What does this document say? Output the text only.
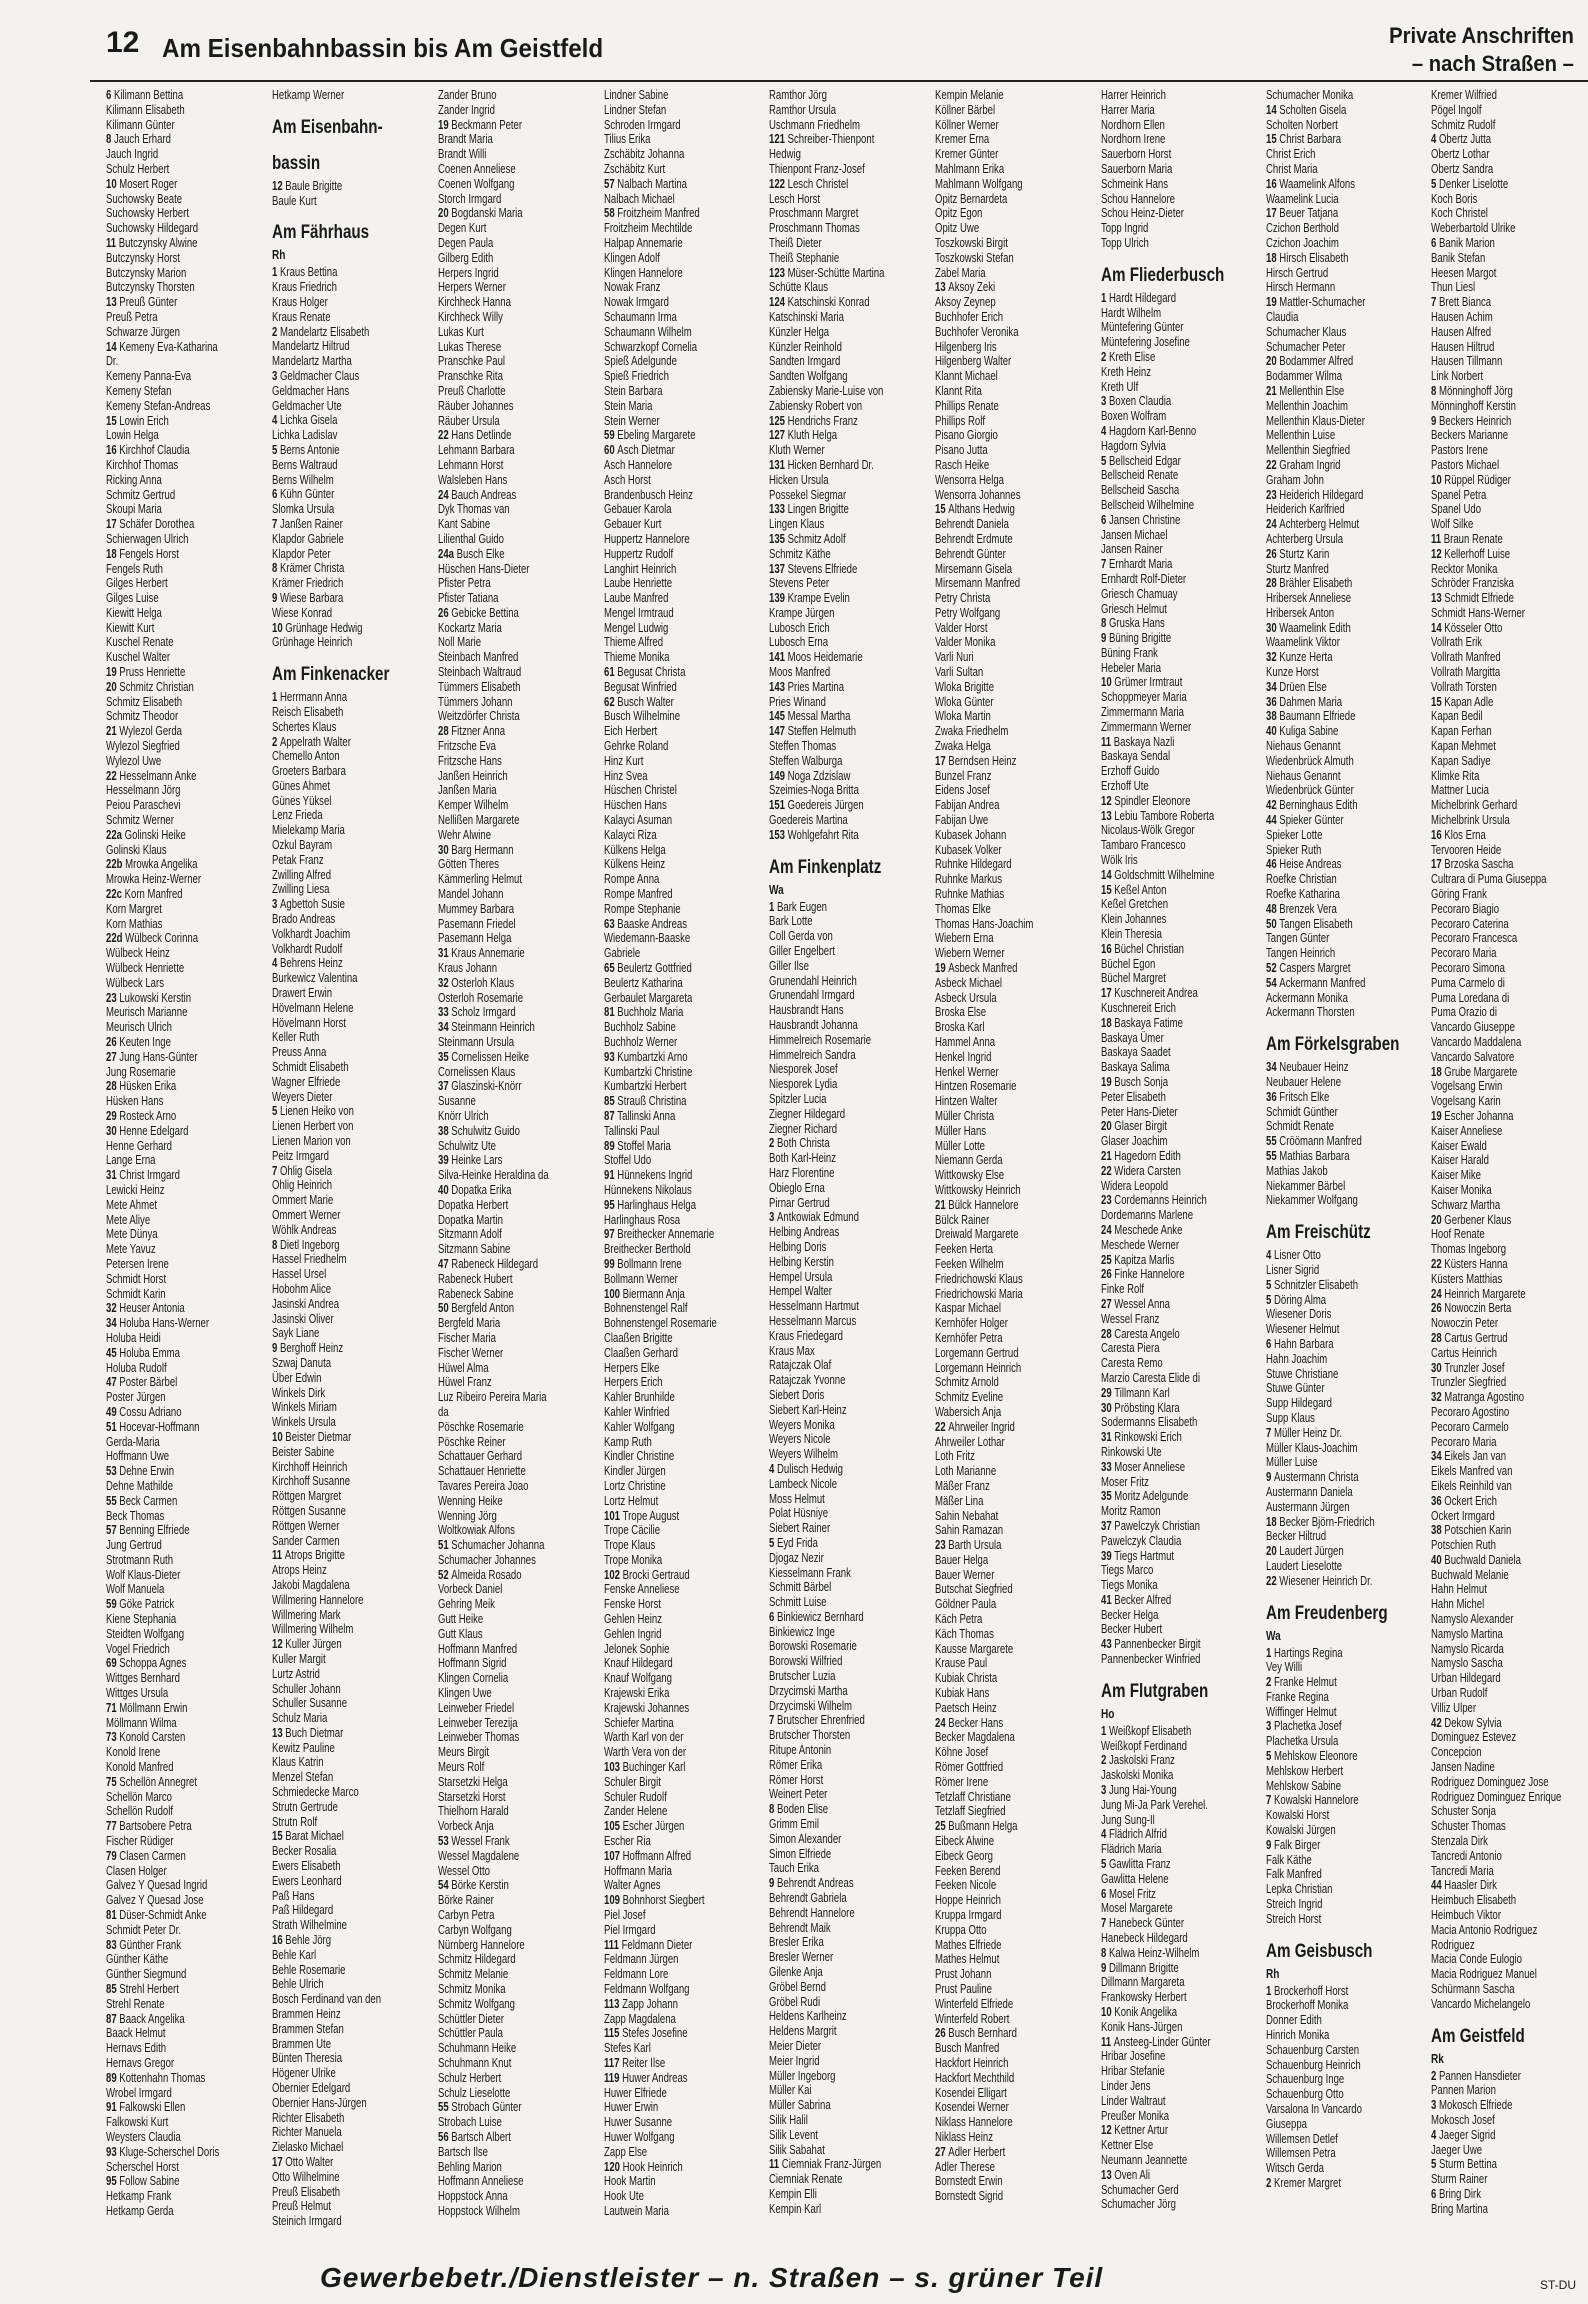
12 Am Eisenbahnbassin bis Am Geistfeld	Private Anschriften
– nach Straßen –
6 Kilimann Bettina
Kilimann Elisabeth
Kilimann Günter
8 Jauch Erhard
Jauch Ingrid
Schulz Herbert
10 Mosert Roger
Suchowsky Beate
Suchowsky Herbert
Suchowsky Hildegard
11 Butczynsky Alwine
Butczynsky Horst
Butczynsky Marion
Butczynsky Thorsten
13 Preuß Günter
Preuß Petra
Schwarze Jürgen
14 Kemeny Eva-Katharina
Dr.
Kemeny Panna-Eva
Kemeny Stefan
Kemeny Stefan-Andreas
15 Lowin Erich
Lowin Helga
16 Kirchhof Claudia
Kirchhof Thomas
Ricking Anna
Schmitz Gertrud
Skoupi Maria
17 Schäfer Dorothea
Schierwagen Ulrich
18 Fengels Horst
Fengels Ruth
Gilges Herbert
Gilges Luise
Kiewitt Helga
Kiewitt Kurt
Kuschel Renate
Kuschel Walter
19 Pruss Henriette
20 Schmitz Christian
Schmitz Elisabeth
Schmitz Theodor
21 Wylezol Gerda
Wylezol Siegfried
Wylezol Uwe
22 Hesselmann Anke
Hesselmann Jörg
Peiou Paraschevi
Schmitz Werner
22a Golinski Heike
Golinski Klaus
22b Mrowka Angelika
Mrowka Heinz-Werner
22c Korn Manfred
Korn Margret
Korn Mathias
22d Wülbeck Corinna
Wülbeck Heinz
Wülbeck Henriette
Wülbeck Lars
23 Lukowski Kerstin
Meurisch Marianne
Meurisch Ulrich
26 Keuten Inge
27 Jung Hans-Günter
Jung Rosemarie
28 Hüsken Erika
Hüsken Hans
29 Rosteck Arno
30 Henne Edelgard
Henne Gerhard
Lange Erna
31 Christ Irmgard
Lewicki Heinz
Mete Ahmet
Mete Aliye
Mete Dünya
Mete Yavuz
Petersen Irene
Schmidt Horst
Schmidt Karin
32 Heuser Antonia
34 Holuba Hans-Werner
Holuba Heidi
45 Holuba Emma
Holuba Rudolf
47 Poster Bärbel
Poster Jürgen
49 Cossu Adriano
51 Hocevar-Hoffmann
Gerda-Maria
Hoffmann Uwe
53 Dehne Erwin
Dehne Mathilde
55 Beck Carmen
Beck Thomas
57 Benning Elfriede
Jung Gertrud
Strotmann Ruth
Wolf Klaus-Dieter
Wolf Manuela
59 Göke Patrick
Kiene Stephania
Steidten Wolfgang
Vogel Friedrich
69 Schoppa Agnes
Wittges Bernhard
Wittges Ursula
71 Möllmann Erwin
Möllmann Wilma
73 Konold Carsten
Konold Irene
Konold Manfred
75 Schellön Annegret
Schellön Marco
Schellön Rudolf
77 Bartsobere Petra
Fischer Rüdiger
79 Clasen Carmen
Clasen Holger
Galvez Y Quesad Ingrid
Galvez Y Quesad Jose
81 Düser-Schmidt Anke
Schmidt Peter Dr.
83 Günther Frank
Günther Käthe
Günther Siegmund
85 Strehl Herbert
Strehl Renate
87 Baack Angelika
Baack Helmut
Hernavs Edith
Hernavs Gregor
89 Kottenhahn Thomas
Wrobel Irmgard
91 Falkowski Ellen
Falkowski Kurt
Weysters Claudia
93 Kluge-Scherschel Doris
Scherschel Horst
95 Follow Sabine
Hetkamp Frank
Hetkamp Gerda
Hetkamp Werner
Am Eisenbahn-
bassin
12 Baule Brigitte
Baule Kurt
Am Fährhaus
Rh
1 Kraus Bettina
Kraus Friedrich
Kraus Holger
Kraus Renate
2 Mandelartz Elisabeth
Mandelartz Hiltrud
Mandelartz Martha
3 Geldmacher Claus
Geldmacher Hans
Geldmacher Ute
4 Lichka Gisela
Lichka Ladislav
5 Berns Antonie
Berns Waltraud
Berns Wilhelm
6 Kühn Günter
Slomka Ursula
7 Janßen Rainer
Klapdor Gabriele
Klapdor Peter
8 Krämer Christa
Krämer Friedrich
9 Wiese Barbara
Wiese Konrad
10 Grünhage Hedwig
Grünhage Heinrich
Am Finkenacker
1 Herrmann Anna
Reisch Elisabeth
Schertes Klaus
2 Appelrath Walter
Chemello Anton
Groeters Barbara
Günes Ahmet
Günes Yüksel
Lenz Frieda
Mielekamp Maria
Ozkul Bayram
Petak Franz
Zwilling Alfred
Zwilling Liesa
3 Agbettoh Susie
Brado Andreas
Volkhardt Joachim
Volkhardt Rudolf
4 Behrens Heinz
Burkewicz Valentina
Drawert Erwin
Hövelmann Helene
Hövelmann Horst
Keller Ruth
Preuss Anna
Schmidt Elisabeth
Wagner Elfriede
Weyers Dieter
5 Lienen Heiko von
Lienen Herbert von
Lienen Marion von
Peitz Irmgard
7 Ohlig Gisela
Ohlig Heinrich
Ommert Marie
Ommert Werner
Wöhlk Andreas
8 Dietl Ingeborg
Hassel Friedhelm
Hassel Ursel
Hobohm Alice
Jasinski Andrea
Jasinski Oliver
Sayk Liane
9 Berghoff Heinz
Szwaj Danuta
Über Edwin
Winkels Dirk
Winkels Miriam
Winkels Ursula
10 Beister Dietmar
Beister Sabine
Kirchhoff Heinrich
Kirchhoff Susanne
Röttgen Margret
Röttgen Susanne
Röttgen Werner
Sander Carmen
11 Atrops Brigitte
Atrops Heinz
Jakobi Magdalena
Willmering Hannelore
Willmering Mark
Willmering Wilhelm
12 Kuller Jürgen
Kuller Margit
Lurtz Astrid
Schuller Johann
Schuller Susanne
Schulz Maria
13 Buch Dietmar
Kewitz Pauline
Klaus Katrin
Menzel Stefan
Schmiedecke Marco
Strutn Gertrude
Strutn Rolf
15 Barat Michael
Becker Rosalia
Ewers Elisabeth
Ewers Leonhard
Paß Hans
Paß Hildegard
Strath Wilhelmine
16 Behle Jörg
Behle Karl
Behle Rosemarie
Behle Ulrich
Bosch Ferdinand van den
Brammen Heinz
Brammen Stefan
Brammen Ute
Bünten Theresia
Högener Ulrike
Obernier Edelgard
Obernier Hans-Jürgen
Richter Elisabeth
Richter Manuela
Zielasko Michael
17 Otto Walter
Otto Wilhelmine
Preuß Elisabeth
Preuß Helmut
Steinich Irmgard
Zander Bruno
Zander Ingrid
19 Beckmann Peter
Brandt Maria
Brandt Willi
Coenen Anneliese
Coenen Wolfgang
Storch Irmgard
20 Bogdanski Maria
Degen Kurt
Degen Paula
Gilberg Edith
Herpers Ingrid
Herpers Werner
Kirchheck Hanna
Kirchheck Willy
Lukas Kurt
Lukas Therese
Pranschke Paul
Pranschke Rita
Preuß Charlotte
Räuber Johannes
Räuber Ursula
22 Hans Detlinde
Lehmann Barbara
Lehmann Horst
Walsleben Hans
24 Bauch Andreas
Dyk Thomas van
Kant Sabine
Lilienthal Guido
24a Busch Elke
Hüschen Hans-Dieter
Pfister Petra
Pfister Tatiana
26 Gebicke Bettina
Kockartz Maria
Noll Marie
Steinbach Manfred
Steinbach Waltraud
Tümmers Elisabeth
Tümmers Johann
Weitzdörfer Christa
28 Fitzner Anna
Fritzsche Eva
Fritzsche Hans
Janßen Heinrich
Janßen Maria
Kemper Wilhelm
Nellißen Margarete
Wehr Alwine
30 Barg Hermann
Götten Theres
Kämmerling Helmut
Mandel Johann
Mummey Barbara
Pasemann Friedel
Pasemann Helga
31 Kraus Annemarie
Kraus Johann
32 Osterloh Klaus
Osterloh Rosemarie
33 Scholz Irmgard
34 Steinmann Heinrich
Steinmann Ursula
35 Cornelissen Heike
Cornelissen Klaus
37 Glaszinski-Knörr
Susanne
Knörr Ulrich
38 Schulwitz Guido
Schulwitz Ute
39 Heinke Lars
Silva-Heinke Heraldina da
40 Dopatka Erika
Dopatka Herbert
Dopatka Martin
Sitzmann Adolf
Sitzmann Sabine
47 Rabeneck Hildegard
Rabeneck Hubert
Rabeneck Sabine
50 Bergfeld Anton
Bergfeld Maria
Fischer Maria
Fischer Werner
Hüwel Alma
Hüwel Franz
Luz Ribeiro Pereira Maria
da
Pöschke Rosemarie
Pöschke Reiner
Schattauer Gerhard
Schattauer Henriette
Tavares Pereira Joao
Wenning Heike
Wenning Jörg
Woltkowiak Alfons
51 Schumacher Johanna
Schumacher Johannes
52 Almeida Rosado
Vorbeck Daniel
Gehring Meik
Gutt Heike
Gutt Klaus
Hoffmann Manfred
Hoffmann Sigrid
Klingen Cornelia
Klingen Uwe
Leinweber Friedel
Leinweber Terezija
Leinweber Thomas
Meurs Birgit
Meurs Rolf
Starsetzki Helga
Starsetzki Horst
Thielhorn Harald
Vorbeck Anja
53 Wessel Frank
Wessel Magdalene
Wessel Otto
54 Börke Kerstin
Börke Rainer
Carbyn Petra
Carbyn Wolfgang
Nürnberg Hannelore
Schmitz Hildegard
Schmitz Melanie
Schmitz Monika
Schmitz Wolfgang
Schüttler Dieter
Schüttler Paula
Schuhmann Heike
Schuhmann Knut
Schulz Herbert
Schulz Lieselotte
55 Strobach Günter
Strobach Luise
56 Bartsch Albert
Bartsch Ilse
Behling Marion
Hoffmann Anneliese
Hoppstock Anna
Hoppstock Wilhelm
Lindner Sabine
Lindner Stefan
Schroden Irmgard
Tilius Erika
Zschäbitz Johanna
Zschäbitz Kurt
57 Nalbach Martina
Nalbach Michael
58 Froitzheim Manfred
Froitzheim Mechtilde
Halpap Annemarie
Klingen Adolf
Klingen Hannelore
Nowak Franz
Nowak Irmgard
Schaumann Irma
Schaumann Wilhelm
Schwarzkopf Cornelia
Spieß Adelgunde
Spieß Friedrich
Stein Barbara
Stein Maria
Stein Werner
59 Ebeling Margarete
60 Asch Dietmar
Asch Hannelore
Asch Horst
Brandenbusch Heinz
Gebauer Karola
Gebauer Kurt
Huppertz Hannelore
Huppertz Rudolf
Langhirt Heinrich
Laube Henriette
Laube Manfred
Mengel Irmtraud
Mengel Ludwig
Thieme Alfred
Thieme Monika
61 Begusat Christa
Begusat Winfried
62 Busch Walter
Busch Wilhelmine
Eich Herbert
Gehrke Roland
Hinz Kurt
Hinz Svea
Hüschen Christel
Hüschen Hans
Kalayci Asuman
Kalayci Riza
Külkens Helga
Külkens Heinz
Rompe Anna
Rompe Manfred
Rompe Stephanie
63 Baaske Andreas
Wiedemann-Baaske
Gabriele
65 Beulertz Gottfried
Beulertz Katharina
Gerbaulet Margareta
81 Buchholz Maria
Buchholz Sabine
Buchholz Werner
93 Kumbartzki Arno
Kumbartzki Christine
Kumbartzki Herbert
85 Strauß Christina
87 Tallinski Anna
Tallinski Paul
89 Stoffel Maria
Stoffel Udo
91 Hünnekens Ingrid
Hünnekens Nikolaus
95 Harlinghaus Helga
Harlinghaus Rosa
97 Breithecker Annemarie
Breithecker Berthold
99 Bollmann Irene
Bollmann Werner
100 Biermann Anja
Bohnenstengel Ralf
Bohnenstengel Rosemarie
Claaßen Brigitte
Claaßen Gerhard
Herpers Elke
Herpers Erich
Kahler Brunhilde
Kahler Winfried
Kahler Wolfgang
Kamp Ruth
Kindler Christine
Kindler Jürgen
Lortz Christine
Lortz Helmut
101 Trope August
Trope Cäcilie
Trope Klaus
Trope Monika
102 Brocki Gertraud
Fenske Anneliese
Fenske Horst
Gehlen Heinz
Gehlen Ingrid
Jelonek Sophie
Knauf Hildegard
Knauf Wolfgang
Krajewski Erika
Krajewski Johannes
Schiefer Martina
Warth Karl von der
Warth Vera von der
103 Buchinger Karl
Schuler Birgit
Schuler Rudolf
Zander Helene
105 Escher Jürgen
Escher Ria
107 Hoffmann Alfred
Hoffmann Maria
Walter Agnes
109 Bohnhorst Siegbert
Piel Josef
Piel Irmgard
111 Feldmann Dieter
Feldmann Jürgen
Feldmann Lore
Feldmann Wolfgang
113 Zapp Johann
Zapp Magdalena
115 Stefes Josefine
Stefes Karl
117 Reiter Ilse
119 Huwer Andreas
Huwer Elfriede
Huwer Erwin
Huwer Susanne
Huwer Wolfgang
Zapp Else
120 Hook Heinrich
Hook Martin
Hook Ute
Lautwein Maria
Ramthor Jörg
Ramthor Ursula
Uschmann Friedhelm
121 Schreiber-Thienpont
Hedwig
Thienpont Franz-Josef
122 Lesch Christel
Lesch Horst
Proschmann Margret
Proschmann Thomas
Theiß Dieter
Theiß Stephanie
123 Müser-Schütte Martina
Schütte Klaus
124 Katschinski Konrad
Katschinski Maria
Künzler Helga
Künzler Reinhold
Sandten Irmgard
Sandten Wolfgang
Zabiensky Marie-Luise von
Zabiensky Robert von
125 Hendrichs Franz
127 Kluth Helga
Kluth Werner
131 Hicken Bernhard Dr.
Hicken Ursula
Possekel Siegmar
133 Lingen Brigitte
Lingen Klaus
135 Schmitz Adolf
Schmitz Käthe
137 Stevens Elfriede
Stevens Peter
139 Krampe Evelin
Krampe Jürgen
Lubosch Erich
Lubosch Erna
141 Moos Heidemarie
Moos Manfred
143 Pries Martina
Pries Winand
145 Messal Martha
147 Steffen Helmuth
Steffen Thomas
Steffen Walburga
149 Noga Zdzislaw
Szeimies-Noga Britta
151 Goedereis Jürgen
Goedereis Martina
153 Wohlgefahrt Rita
Am Finkenplatz
Wa
1 Bark Eugen
Bark Lotte
Coll Gerda von
Giller Engelbert
Giller Ilse
Grunendahl Heinrich
Grunendahl Irmgard
Hausbrandt Hans
Hausbrandt Johanna
Himmelreich Rosemarie
Himmelreich Sandra
Niesporek Josef
Niesporek Lydia
Spitzler Lucia
Ziegner Hildegard
Ziegner Richard
2 Both Christa
Both Karl-Heinz
Harz Florentine
Obieglo Erna
Pirnar Gertrud
3 Antkowiak Edmund
Helbing Andreas
Helbing Doris
Helbing Kerstin
Hempel Ursula
Hempel Walter
Hesselmann Hartmut
Hesselmann Marcus
Kraus Friedegard
Kraus Max
Ratajczak Olaf
Ratajczak Yvonne
Siebert Doris
Siebert Karl-Heinz
Weyers Monika
Weyers Nicole
Weyers Wilhelm
4 Dulisch Hedwig
Lambeck Nicole
Moss Helmut
Polat Hüsniye
Siebert Rainer
5 Eyd Frida
Djogaz Nezir
Kiesselmann Frank
Schmitt Bärbel
Schmitt Luise
6 Binkiewicz Bernhard
Binkiewicz Inge
Borowski Rosemarie
Borowski Wilfried
Brutscher Luzia
Drzycimski Martha
Drzycimski Wilhelm
7 Brutscher Ehrenfried
Brutscher Thorsten
Ritupe Antonin
Römer Erika
Römer Horst
Weinert Peter
8 Boden Elise
Grimm Emil
Simon Alexander
Simon Elfriede
Tauch Erika
9 Behrendt Andreas
Behrendt Gabriela
Behrendt Hannelore
Behrendt Maik
Bresler Erika
Bresler Werner
Gilenke Anja
Gröbel Bernd
Gröbel Rudi
Heldens Karlheinz
Heldens Margrit
Meier Dieter
Meier Ingrid
Müller Ingeborg
Müller Kai
Müller Sabrina
Silik Halil
Silik Levent
Silik Sabahat
11 Ciemniak Franz-Jürgen
Ciemniak Renate
Kempin Elli
Kempin Karl
Kempin Melanie
Köllner Bärbel
Köllner Werner
Kremer Erna
Kremer Günter
Mahlmann Erika
Mahlmann Wolfgang
Opitz Bernardeta
Opitz Egon
Opitz Uwe
Toszkowski Birgit
Toszkowski Stefan
Zabel Maria
13 Aksoy Zeki
Aksoy Zeynep
Buchhofer Erich
Buchhofer Veronika
Hilgenberg Iris
Hilgenberg Walter
Klannt Michael
Klannt Rita
Phillips Renate
Phillips Rolf
Pisano Giorgio
Pisano Jutta
Rasch Heike
Wensorra Helga
Wensorra Johannes
15 Althans Hedwig
Behrendt Daniela
Behrendt Erdmute
Behrendt Günter
Mirsemann Gisela
Mirsemann Manfred
Petry Christa
Petry Wolfgang
Valder Horst
Valder Monika
Varli Nuri
Varli Sultan
Wloka Brigitte
Wloka Günter
Wloka Martin
Zwaka Friedhelm
Zwaka Helga
17 Berndsen Heinz
Bunzel Franz
Eidens Josef
Fabijan Andrea
Fabijan Uwe
Kubasek Johann
Kubasek Volker
Ruhnke Hildegard
Ruhnke Markus
Ruhnke Mathias
Thomas Elke
Thomas Hans-Joachim
Wiebern Erna
Wiebern Werner
19 Asbeck Manfred
Asbeck Michael
Asbeck Ursula
Broska Else
Broska Karl
Hammel Anna
Henkel Ingrid
Henkel Werner
Hintzen Rosemarie
Hintzen Walter
Müller Christa
Müller Hans
Müller Lotte
Niemann Gerda
Wittkowsky Else
Wittkowsky Heinrich
21 Bülck Hannelore
Bülck Rainer
Dreiwald Margarete
Feeken Herta
Feeken Wilhelm
Friedrichowski Klaus
Friedrichowski Maria
Kaspar Michael
Kernhöfer Holger
Kernhöfer Petra
Lorgemann Gertrud
Lorgemann Heinrich
Schmitz Arnold
Schmitz Eveline
Wabersich Anja
22 Ahrweiler Ingrid
Ahrweiler Lothar
Loth Fritz
Loth Marianne
Mäßer Franz
Mäßer Lina
Sahin Nebahat
Sahin Ramazan
23 Barth Ursula
Bauer Helga
Bauer Werner
Butschat Siegfried
Göldner Paula
Käch Petra
Käch Thomas
Kausse Margarete
Krause Paul
Kubiak Christa
Kubiak Hans
Paetsch Heinz
24 Becker Hans
Becker Magdalena
Köhne Josef
Römer Gottfried
Römer Irene
Tetzlaff Christiane
Tetzlaff Siegfried
25 Bußmann Helga
Eibeck Alwine
Eibeck Georg
Feeken Berend
Feeken Nicole
Hoppe Heinrich
Kruppa Irmgard
Kruppa Otto
Mathes Elfriede
Mathes Helmut
Prust Johann
Prust Pauline
Winterfeld Elfriede
Winterfeld Robert
26 Busch Bernhard
Busch Manfred
Hackfort Heinrich
Hackfort Mechthild
Kosendei Elligart
Kosendei Werner
Niklass Hannelore
Niklass Heinz
27 Adler Herbert
Adler Therese
Bornstedt Erwin
Bornstedt Sigrid
Harrer Heinrich
Harrer Maria
Nordhorn Ellen
Nordhorn Irene
Sauerborn Horst
Sauerborn Maria
Schmeink Hans
Schou Hannelore
Schou Heinz-Dieter
Topp Ingrid
Topp Ulrich
Am Fliederbusch
1 Hardt Hildegard
Hardt Wilhelm
Müntefering Günter
Müntefering Josefine
2 Kreth Elise
Kreth Heinz
Kreth Ulf
3 Boxen Claudia
Boxen Wolfram
4 Hagdorn Karl-Benno
Hagdorn Sylvia
5 Bellscheid Edgar
Bellscheid Renate
Bellscheid Sascha
Bellscheid Wilhelmine
6 Jansen Christine
Jansen Michael
Jansen Rainer
7 Ernhardt Maria
Ernhardt Rolf-Dieter
Griesch Chamuay
Griesch Helmut
8 Gruska Hans
9 Büning Brigitte
Büning Frank
Hebeler Maria
10 Grümer Irmtraut
Schoppmeyer Maria
Zimmermann Maria
Zimmermann Werner
11 Baskaya Nazli
Baskaya Sendal
Erzhoff Guido
Erzhoff Ute
12 Spindler Eleonore
13 Lebiu Tambore Roberta
Nicolaus-Wölk Gregor
Tambaro Francesco
Wölk Iris
14 Goldschmitt Wilhelmine
15 Keßel Anton
Keßel Gretchen
Klein Johannes
Klein Theresia
16 Büchel Christian
Büchel Egon
Büchel Margret
17 Kuschnereit Andrea
Kuschnereit Erich
18 Baskaya Fatime
Baskaya Ümer
Baskaya Saadet
Baskaya Salima
19 Busch Sonja
Peter Elisabeth
Peter Hans-Dieter
20 Glaser Birgit
Glaser Joachim
21 Hagedorn Edith
22 Widera Carsten
Widera Leopold
23 Cordemanns Heinrich
Dordemanns Marlene
24 Meschede Anke
Meschede Werner
25 Kapitza Marlis
26 Finke Hannelore
Finke Rolf
27 Wessel Anna
Wessel Franz
28 Caresta Angelo
Caresta Piera
Caresta Remo
Marzio Caresta Elide di
29 Tillmann Karl
30 Pröbsting Klara
Sodermanns Elisabeth
31 Rinkowski Erich
Rinkowski Ute
33 Moser Anneliese
Moser Fritz
35 Moritz Adelgunde
Moritz Ramon
37 Pawelczyk Christian
Pawelczyk Claudia
39 Tiegs Hartmut
Tiegs Marco
Tiegs Monika
41 Becker Alfred
Becker Helga
Becker Hubert
43 Pannenbecker Birgit
Pannenbecker Winfried
Am Flutgraben
Ho
1 Weißkopf Elisabeth
Weißkopf Ferdinand
2 Jaskolski Franz
Jaskolski Monika
3 Jung Hai-Young
Jung Mi-Ja Park Verehel.
Jung Sung-Il
4 Flädrich Alfrid
Flädrich Maria
5 Gawlitta Franz
Gawlitta Helene
6 Mosel Fritz
Mosel Margarete
7 Hanebeck Günter
Hanebeck Hildegard
8 Kalwa Heinz-Wilhelm
9 Dillmann Brigitte
Dillmann Margareta
Frankowsky Herbert
10 Konik Angelika
Konik Hans-Jürgen
11 Ansteeg-Linder Günter
Hribar Josefine
Hribar Stefanie
Linder Jens
Linder Waltraut
Preußer Monika
12 Kettner Artur
Kettner Else
Neumann Jeannette
13 Oven Ali
Schumacher Gerd
Schumacher Jörg
Schumacher Monika
14 Scholten Gisela
Scholten Norbert
15 Christ Barbara
Christ Erich
Christ Maria
16 Waamelink Alfons
Waamelink Lucia
17 Beuer Tatjana
Czichon Berthold
Czichon Joachim
18 Hirsch Elisabeth
Hirsch Gertrud
Hirsch Hermann
19 Mattler-Schumacher
Claudia
Schumacher Klaus
Schumacher Peter
20 Bodammer Alfred
Bodammer Wilma
21 Mellenthin Else
Mellenthin Joachim
Mellenthin Klaus-Dieter
Mellenthin Luise
Mellenthin Siegfried
22 Graham Ingrid
Graham John
23 Heiderich Hildegard
Heiderich Karlfried
24 Achterberg Helmut
Achterberg Ursula
26 Sturtz Karin
Sturtz Manfred
28 Brähler Elisabeth
Hribersek Anneliese
Hribersek Anton
30 Waamelink Edith
Waamelink Viktor
32 Kunze Herta
Kunze Horst
34 Drüen Else
36 Dahmen Maria
38 Baumann Elfriede
40 Kuliga Sabine
Niehaus Genannt
Wiedenbrück Almuth
Niehaus Genannt
Wiedenbrück Günter
42 Berninghaus Edith
44 Spieker Günter
Spieker Lotte
Spieker Ruth
46 Heise Andreas
Roefke Christian
Roefke Katharina
48 Brenzek Vera
50 Tangen Elisabeth
Tangen Günter
Tangen Heinrich
52 Caspers Margret
54 Ackermann Manfred
Ackermann Monika
Ackermann Thorsten
Am Förkelsgraben
34 Neubauer Heinz
Neubauer Helene
36 Fritsch Elke
Schmidt Günther
Schmidt Renate
55 Cröömann Manfred
55 Mathias Barbara
Mathias Jakob
Niekammer Bärbel
Niekammer Wolfgang
Am Freischütz
4 Lisner Otto
Lisner Sigrid
5 Schnitzler Elisabeth
5 Döring Alma
Wiesener Doris
Wiesener Helmut
6 Hahn Barbara
Hahn Joachim
Stuwe Christiane
Stuwe Günter
Supp Hildegard
Supp Klaus
7 Müller Heinz Dr.
Müller Klaus-Joachim
Müller Luise
9 Austermann Christa
Austermann Daniela
Austermann Jürgen
18 Becker Björn-Friedrich
Becker Hiltrud
20 Laudert Jürgen
Laudert Lieselotte
22 Wiesener Heinrich Dr.
Am Freudenberg
Wa
1 Hartings Regina
Vey Willi
2 Franke Helmut
Franke Regina
Wiffinger Helmut
3 Plachetka Josef
Plachetka Ursula
5 Mehlskow Eleonore
Mehlskow Herbert
Mehlskow Sabine
7 Kowalski Hannelore
Kowalski Horst
Kowalski Jürgen
9 Falk Birger
Falk Käthe
Falk Manfred
Lepka Christian
Streich Ingrid
Streich Horst
Am Geisbusch
Rh
1 Brockerhoff Horst
Brockerhoff Monika
Donner Edith
Hinrich Monika
Schauenburg Carsten
Schauenburg Heinrich
Schauenburg Inge
Schauenburg Otto
Varsalona In Vancardo
Giuseppa
Willemsen Detlef
Willemsen Petra
Witsch Gerda
2 Kremer Margret
Kremer Wilfried
Pögel Ingolf
Schmitz Rudolf
4 Obertz Jutta
Obertz Lothar
Obertz Sandra
5 Denker Liselotte
Koch Boris
Koch Christel
Weberbartold Ulrike
6 Banik Marion
Banik Stefan
Heesen Margot
Thun Liesl
7 Brett Bianca
Hausen Achim
Hausen Alfred
Hausen Hiltrud
Hausen Tillmann
Link Norbert
8 Mönninghoff Jörg
Mönninghoff Kerstin
9 Beckers Heinrich
Beckers Marianne
Pastors Irene
Pastors Michael
10 Rüppel Rüdiger
Spanel Petra
Spanel Udo
Wolf Silke
11 Braun Renate
12 Kellerhoff Luise
Recktor Monika
Schröder Franziska
13 Schmidt Elfriede
Schmidt Hans-Werner
14 Kösseler Otto
Vollrath Erik
Vollrath Manfred
Vollrath Margitta
Vollrath Torsten
15 Kapan Adle
Kapan Bedil
Kapan Ferhan
Kapan Mehmet
Kapan Sadiye
Klimke Rita
Mattner Lucia
Michelbrink Gerhard
Michelbrink Ursula
16 Klos Erna
Tervooren Heide
17 Brzoska Sascha
Cultrara di Puma Giuseppa
Göring Frank
Pecoraro Biagio
Pecoraro Caterina
Pecoraro Francesca
Pecoraro Maria
Pecoraro Simona
Puma Carmelo di
Puma Loredana di
Puma Orazio di
Vancardo Giuseppe
Vancardo Maddalena
Vancardo Salvatore
18 Grube Margarete
Vogelsang Erwin
Vogelsang Karin
19 Escher Johanna
Kaiser Anneliese
Kaiser Ewald
Kaiser Harald
Kaiser Mike
Kaiser Monika
Schwarz Martha
20 Gerbener Klaus
Hoof Renate
Thomas Ingeborg
22 Küsters Hanna
Küsters Matthias
24 Heinrich Margarete
26 Nowoczin Berta
Nowoczin Peter
28 Cartus Gertrud
Cartus Heinrich
30 Trunzler Josef
Trunzler Siegfried
32 Matranga Agostino
Pecoraro Agostino
Pecoraro Carmelo
Pecoraro Maria
34 Eikels Jan van
Eikels Manfred van
Eikels Reinhild van
36 Ockert Erich
Ockert Irmgard
38 Potschien Karin
Potschien Ruth
40 Buchwald Daniela
Buchwald Melanie
Hahn Helmut
Hahn Michel
Namyslo Alexander
Namyslo Martina
Namyslo Ricarda
Namyslo Sascha
Urban Hildegard
Urban Rudolf
Villiz Ulper
42 Dekow Sylvia
Dominguez Estevez
Concepcion
Jansen Nadine
Rodriguez Dominguez Jose
Rodriguez Dominguez Enrique
Schuster Sonja
Schuster Thomas
Stenzala Dirk
Tancredi Antonio
Tancredi Maria
44 Haasler Dirk
Heimbuch Elisabeth
Heimbuch Viktor
Macia Antonio Rodriguez
Rodriguez
Macia Conde Eulogio
Macia Rodriguez Manuel
Schürmann Sascha
Vancardo Michelangelo
Am Geistfeld
Rk
2 Pannen Hansdieter
Pannen Marion
3 Mokosch Elfriede
Mokosch Josef
4 Jaeger Sigrid
Jaeger Uwe
5 Sturm Bettina
Sturm Rainer
6 Bring Dirk
Bring Martina
Gewerbebetr./Dienstleister – n. Straßen – s. grüner Teil	ST-DU
